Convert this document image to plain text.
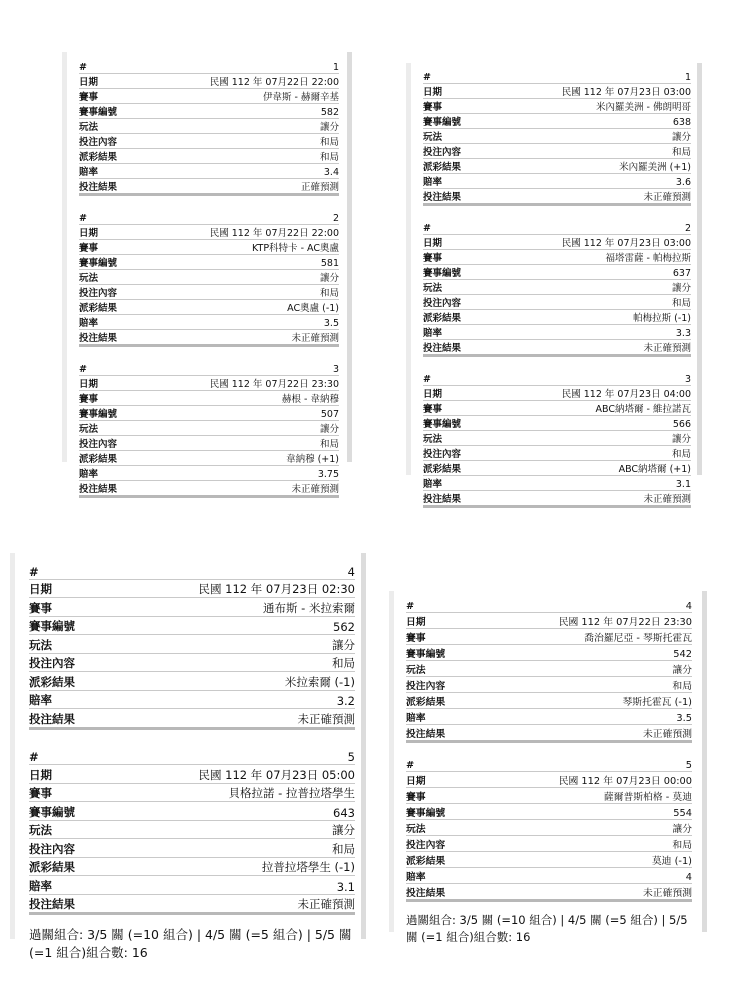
#	1
日期	民國 112 年 07月22日 22:00
賽事	伊韋斯 - 赫爾辛基
賽事編號	582
玩法	讓分
投注內容	和局
派彩結果	和局
賠率	3.4
投注結果	正確預測
#	2
日期	民國 112 年 07月22日 22:00
賽事	KTP科特卡 - AC奧盧
賽事編號	581
玩法	讓分
投注內容	和局
派彩結果	AC奧盧 (-1)
賠率	3.5
投注結果	未正確預測
#	3
日期	民國 112 年 07月22日 23:30
賽事	赫根 - 韋納穆
賽事編號	507
玩法	讓分
投注內容	和局
派彩結果	韋納穆 (+1)
賠率	3.75
投注結果	未正確預測
#	1
日期	民國 112 年 07月23日 03:00
賽事	米內羅美洲 - 佛朗明哥
賽事編號	638
玩法	讓分
投注內容	和局
派彩結果	米內羅美洲 (+1)
賠率	3.6
投注結果	未正確預測
#	2
日期	民國 112 年 07月23日 03:00
賽事	福塔雷薩 - 帕梅拉斯
賽事編號	637
玩法	讓分
投注內容	和局
派彩結果	帕梅拉斯 (-1)
賠率	3.3
投注結果	未正確預測
#	3
日期	民國 112 年 07月23日 04:00
賽事	ABC納塔爾 - 維拉諾瓦
賽事編號	566
玩法	讓分
投注內容	和局
派彩結果	ABC納塔爾 (+1)
賠率	3.1
投注結果	未正確預測
#	4
日期	民國 112 年 07月23日 02:30
賽事	通布斯 - 米拉索爾
賽事編號	562
玩法	讓分
投注內容	和局
派彩結果	米拉索爾 (-1)
賠率	3.2
投注結果	未正確預測
#	5
日期	民國 112 年 07月23日 05:00
賽事	貝格拉諾 - 拉普拉塔學生
賽事編號	643
玩法	讓分
投注內容	和局
派彩結果	拉普拉塔學生 (-1)
賠率	3.1
投注結果	未正確預測
過關組合: 3/5 關 (=10 組合) | 4/5 關 (=5 組合) | 5/5 關 (=1 組合)組合數: 16
#	4
日期	民國 112 年 07月22日 23:30
賽事	喬治羅尼亞 - 琴斯托霍瓦
賽事編號	542
玩法	讓分
投注內容	和局
派彩結果	琴斯托霍瓦 (-1)
賠率	3.5
投注結果	未正確預測
#	5
日期	民國 112 年 07月23日 00:00
賽事	薩爾普斯柏格 - 莫迪
賽事編號	554
玩法	讓分
投注內容	和局
派彩結果	莫迪 (-1)
賠率	4
投注結果	未正確預測
過關組合: 3/5 關 (=10 組合) | 4/5 關 (=5 組合) | 5/5 關 (=1 組合)組合數: 16
